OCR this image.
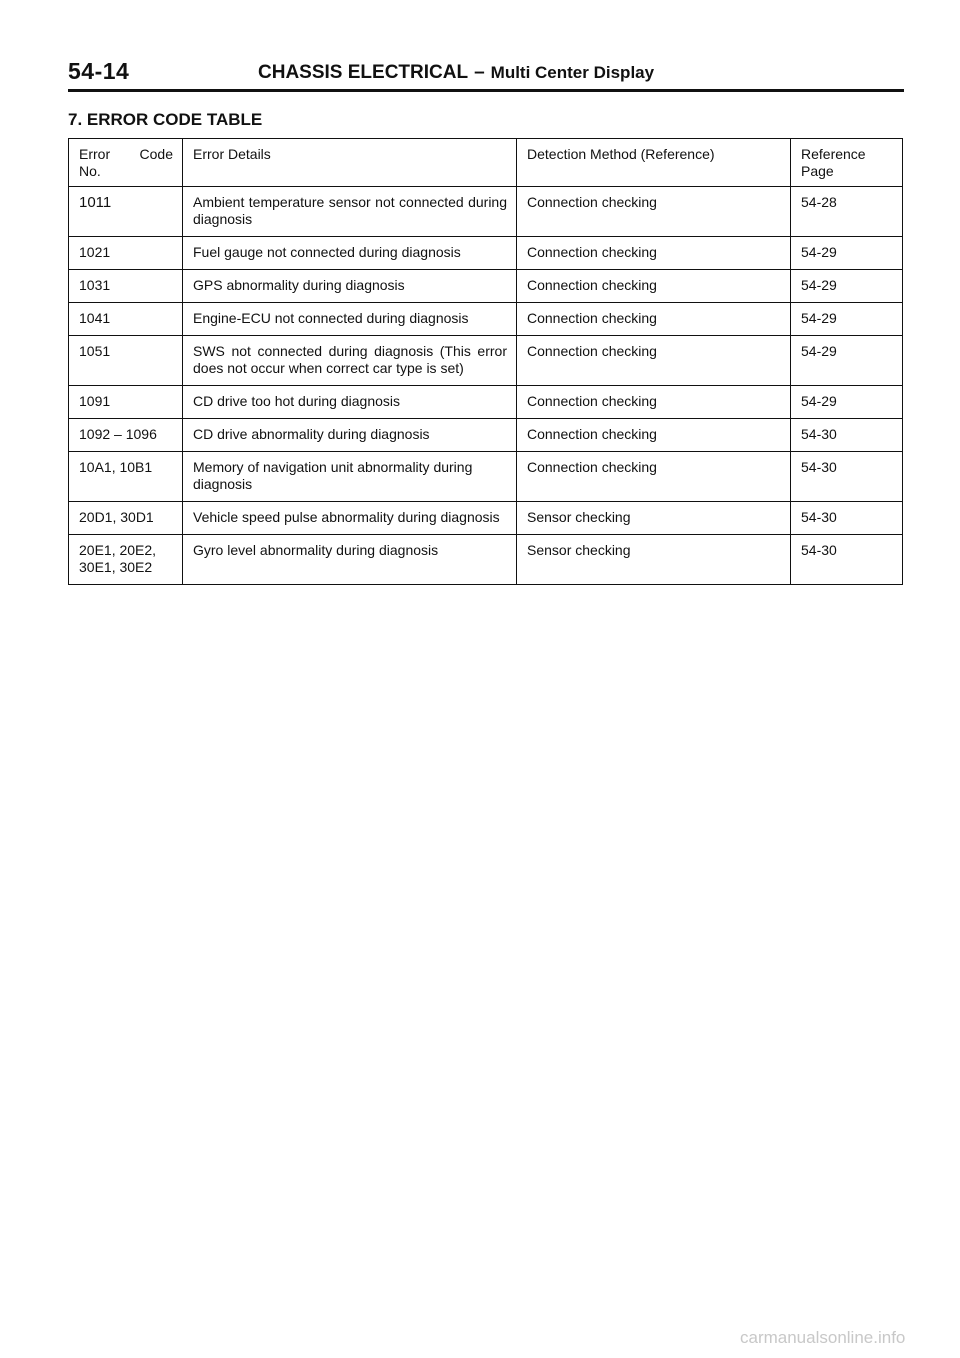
54-14	CHASSIS ELECTRICAL – Multi Center Display
7. ERROR CODE TABLE
Error Code No.	Error Details	Detection Method (Reference)	Reference Page
1011	Ambient temperature sensor not connected during diagnosis	Connection checking	54-28
1021	Fuel gauge not connected during diagnosis	Connection checking	54-29
1031	GPS abnormality during diagnosis	Connection checking	54-29
1041	Engine-ECU not connected during diagnosis	Connection checking	54-29
1051	SWS not connected during diagnosis (This error does not occur when correct car type is set)	Connection checking	54-29
1091	CD drive too hot during diagnosis	Connection checking	54-29
1092 – 1096	CD drive abnormality during diagnosis	Connection checking	54-30
10A1, 10B1	Memory of navigation unit abnormality during diagnosis	Connection checking	54-30
20D1, 30D1	Vehicle speed pulse abnormality during diagnosis	Sensor checking	54-30
20E1, 20E2, 30E1, 30E2	Gyro level abnormality during diagnosis	Sensor checking	54-30
carmanualsonline.info
